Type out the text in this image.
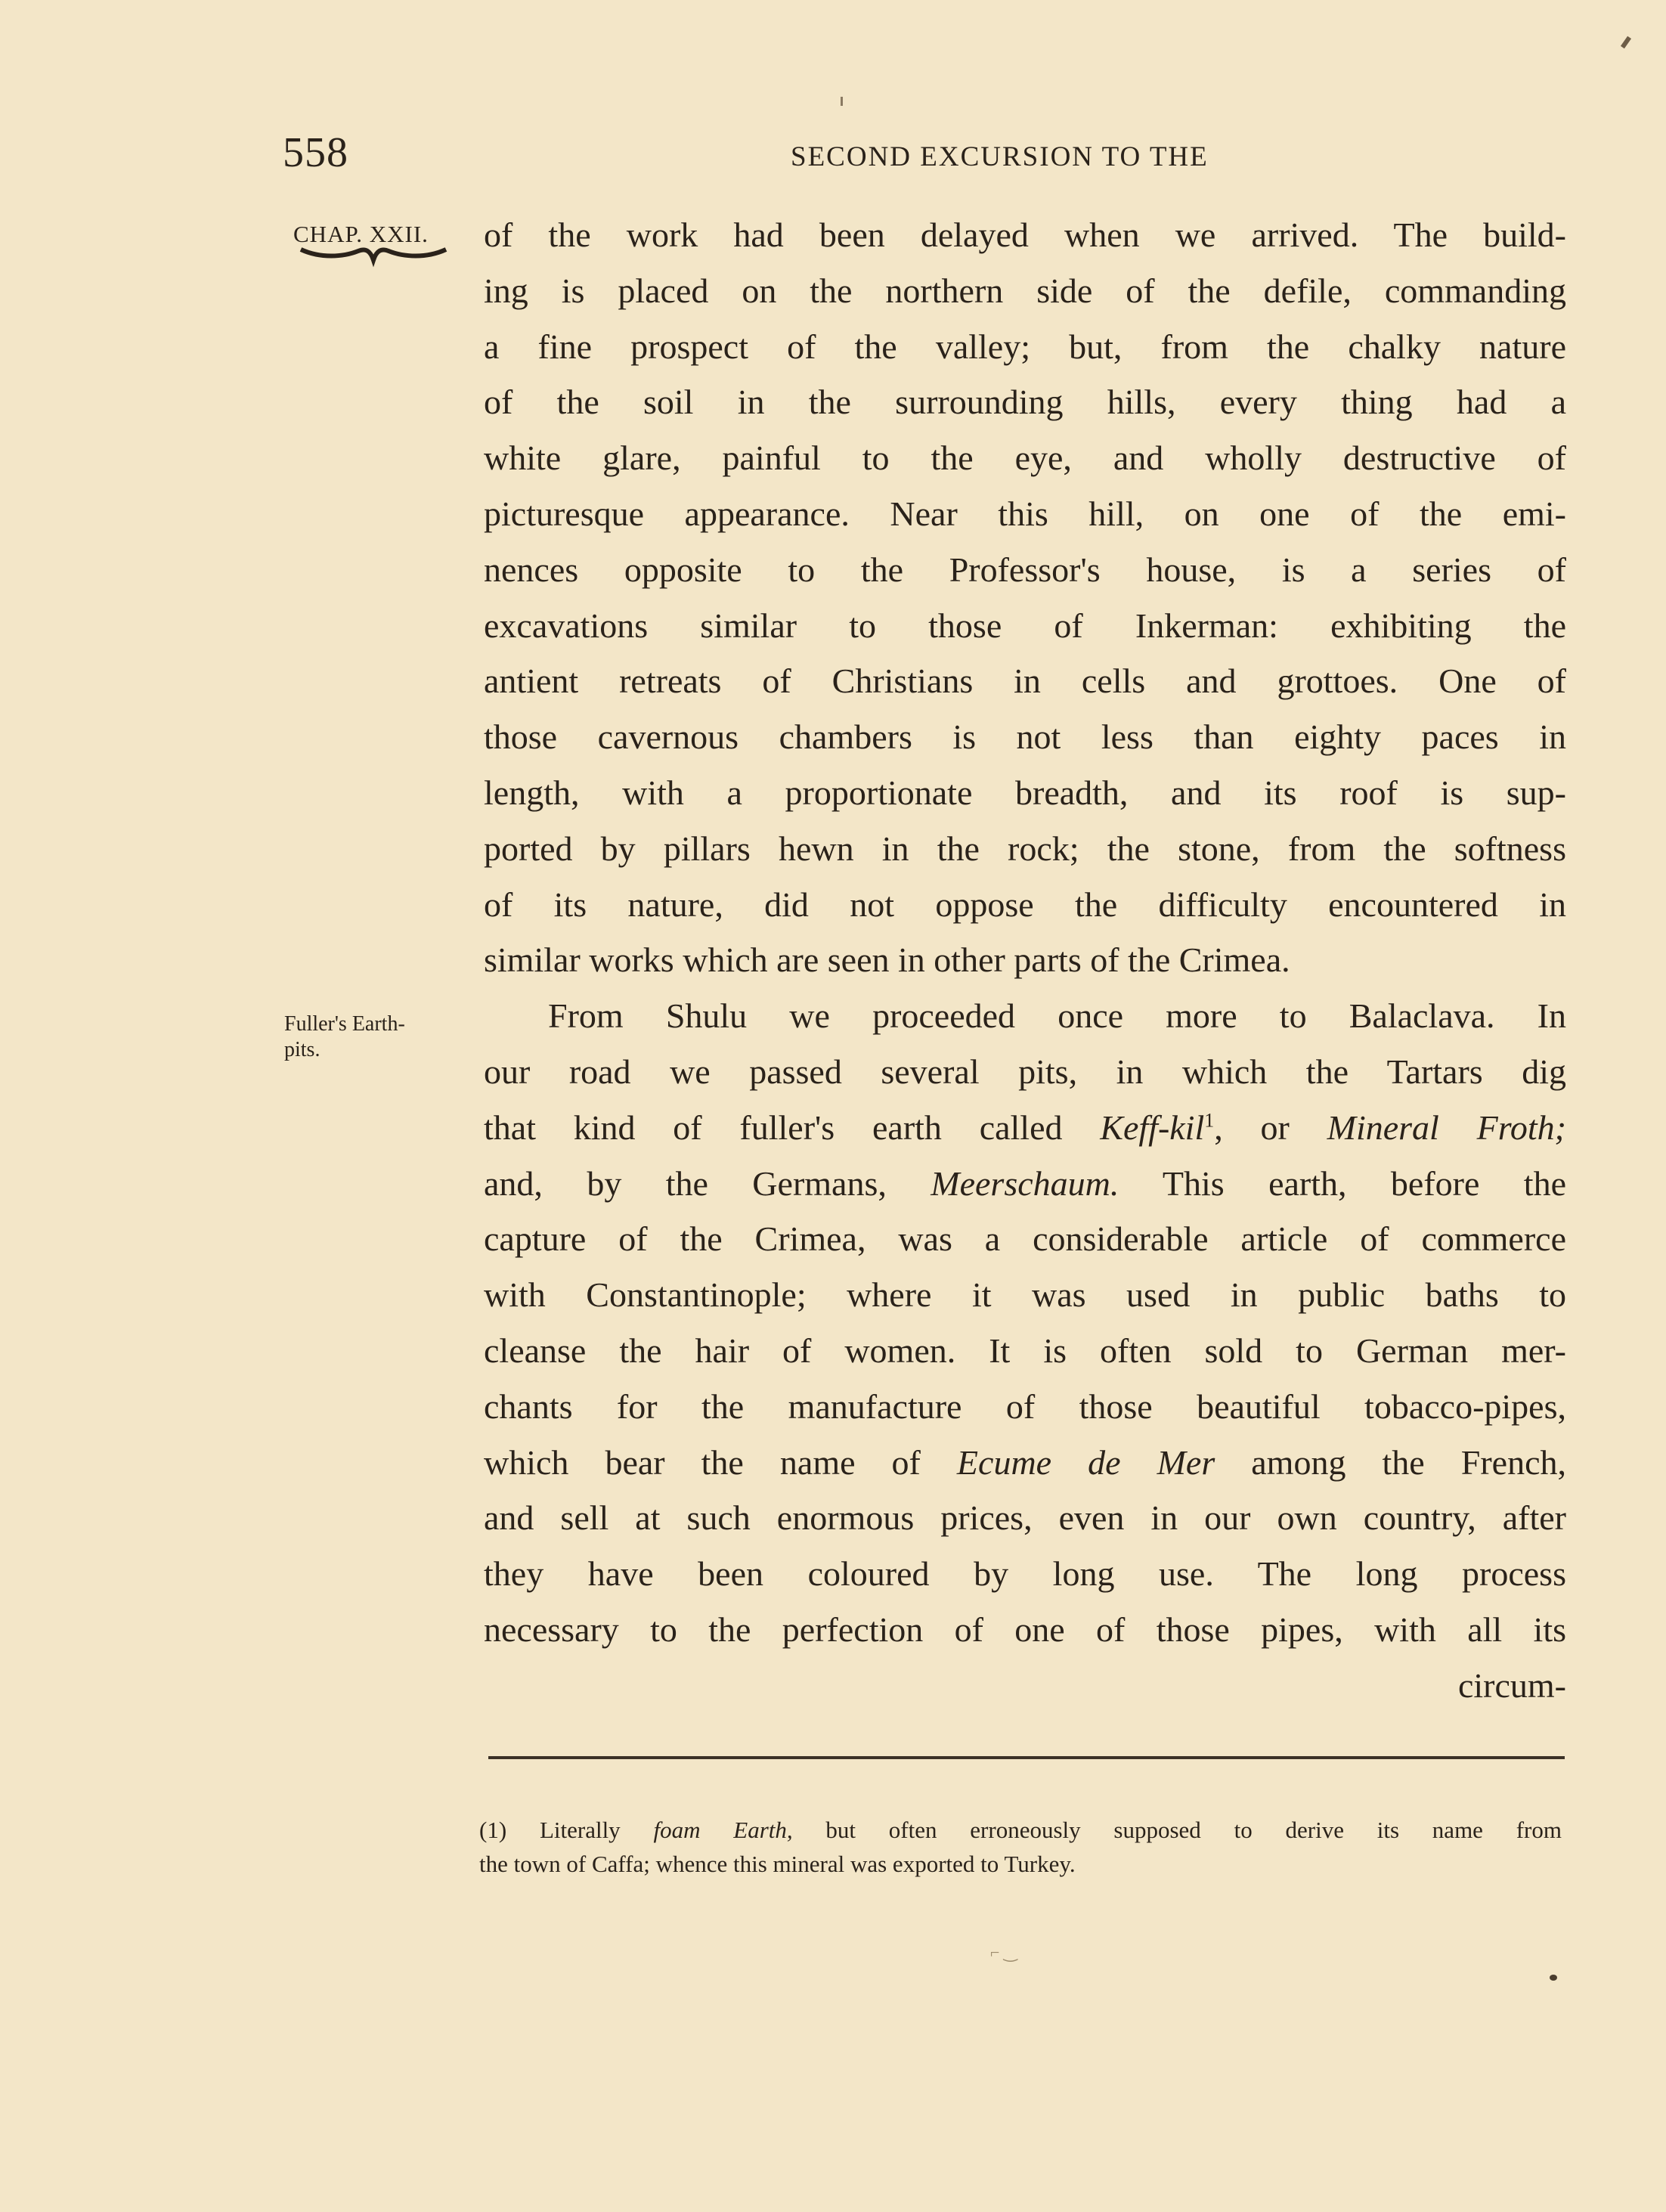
558	SECOND EXCURSION TO THE
CHAP. XXII. of the work had been delayed when we arrived. The build-
ing is placed on the northern side of the defile, commanding
a fine prospect of the valley; but, from the chalky nature
of the soil in the surrounding hills, every thing had a
white glare, painful to the eye, and wholly destructive of
picturesque appearance. Near this hill, on one of the emi-
nences opposite to the Professor's house, is a series of
excavations similar to those of Inkerman: exhibiting the
antient retreats of Christians in cells and grottoes. One of
those cavernous chambers is not less than eighty paces in
length, with a proportionate breadth, and its roof is sup-
ported by pillars hewn in the rock; the stone, from the softness
of its nature, did not oppose the difficulty encountered in
similar works which are seen in other parts of the Crimea.
From Shulu we proceeded once more to Balaclava. In
our road we passed several pits, in which the Tartars dig
that kind of fuller's earth called Keff-kil$^1$, or Mineral Froth;
and, by the Germans, Meerschaum. This earth, before the
capture of the Crimea, was a considerable article of commerce
with Constantinople; where it was used in public baths to
cleanse the hair of women. It is often sold to German mer-
chants for the manufacture of those beautiful tobacco-pipes,
which bear the name of Ecume de Mer among the French,
and sell at such enormous prices, even in our own country, after
they have been coloured by long use. The long process
necessary to the perfection of one of those pipes, with all its
circum-
Fuller's Earth-
pits.
(1) Literally foam Earth, but often erroneously supposed to derive its name from
the town of Caffa; whence this mineral was exported to Turkey.
⌐ ‿
